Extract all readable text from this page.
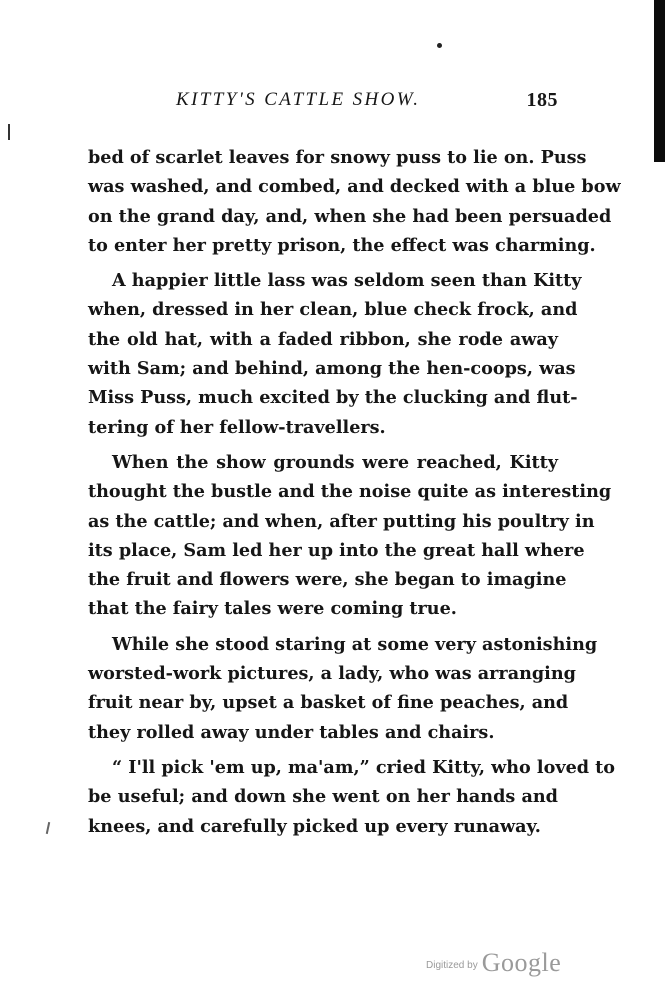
KITTY'S CATTLE SHOW.	185

bed of scarlet leaves for snowy puss to lie on. Puss
was washed, and combed, and decked with a blue bow
on the grand day, and, when she had been persuaded
to enter her pretty prison, the effect was charming.

A happier little lass was seldom seen than Kitty
when, dressed in her clean, blue check frock, and
the old hat, with a faded ribbon, she rode away
with Sam; and behind, among the hen-coops, was
Miss Puss, much excited by the clucking and flut-
tering of her fellow-travellers.

When the show grounds were reached, Kitty
thought the bustle and the noise quite as interesting
as the cattle; and when, after putting his poultry in
its place, Sam led her up into the great hall where
the fruit and flowers were, she began to imagine
that the fairy tales were coming true.

While she stood staring at some very astonishing
worsted-work pictures, a lady, who was arranging
fruit near by, upset a basket of fine peaches, and
they rolled away under tables and chairs.

“ I'll pick 'em up, ma'am,” cried Kitty, who loved to
be useful; and down she went on her hands and
knees, and carefully picked up every runaway.

Digitized by Google
